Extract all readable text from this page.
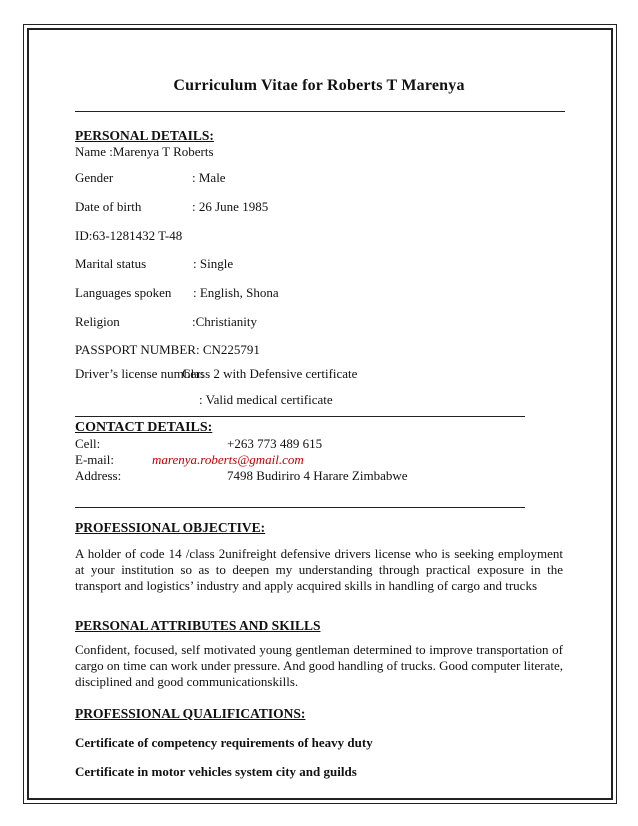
Curriculum Vitae for Roberts T Marenya
PERSONAL DETAILS:
Name :Marenya T Roberts
Gender	: Male
Date of birth	: 26 June 1985
ID:63-1281432 T-48
Marital status	: Single
Languages spoken : English, Shona
Religion	:Christianity
PASSPORT NUMBER: CN225791
Driver’s license number:
Class 2 with Defensive certificate
: Valid medical certificate
CONTACT DETAILS:
Cell:	+263 773 489 615
E-mail:	marenya.roberts@gmail.com
Address:	7498 Budiriro 4 Harare Zimbabwe
PROFESSIONAL OBJECTIVE:
A holder of code 14 /class 2unifreight defensive drivers license who is seeking employment at your institution so as to deepen my understanding through practical exposure in the transport and logistics’ industry and apply acquired skills in handling of cargo and trucks
PERSONAL ATTRIBUTES AND SKILLS
Confident, focused, self motivated young gentleman determined to improve transportation of cargo on time can work under pressure. And good handling of trucks. Good computer literate, disciplined and good communicationskills.
PROFESSIONAL QUALIFICATIONS:
Certificate of competency requirements of heavy duty
Certificate in motor vehicles system city and guilds
